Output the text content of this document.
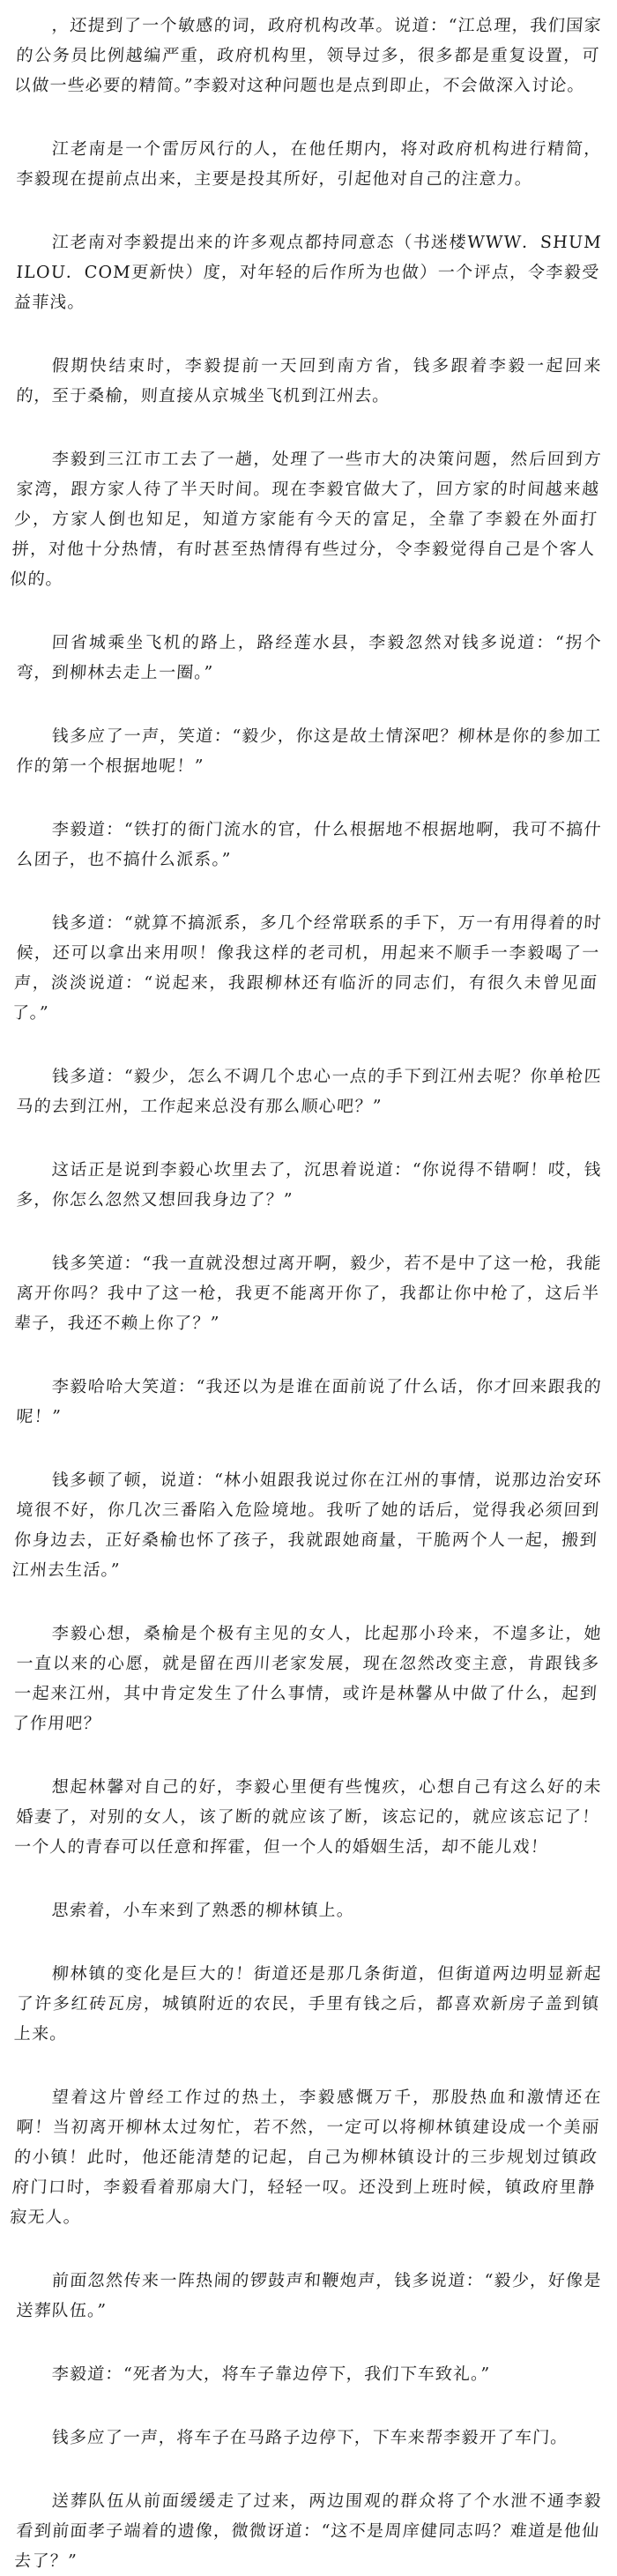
，还提到了一个敏感的词，政府机构改革。说道：“江总理，我们国家的公务员比例越编严重，政府机构里，领导过多，很多都是重复设置，可以做一些必要的精简。”李毅对这种问题也是点到即止，不会做深入讨论。

江老南是一个雷厉风行的人，在他任期内，将对政府机构进行精简，李毅现在提前点出来，主要是投其所好，引起他对自己的注意力。

江老南对李毅提出来的许多观点都持同意态（书迷楼WWW．SHUMILOU．COM更新快）度，对年轻的后作所为也做）一个评点，令李毅受益菲浅。

假期快结束时，李毅提前一天回到南方省，钱多跟着李毅一起回来的，至于桑榆，则直接从京城坐飞机到江州去。

李毅到三江市工去了一趟，处理了一些市大的决策问题，然后回到方家湾，跟方家人待了半天时间。现在李毅官做大了，回方家的时间越来越少，方家人倒也知足，知道方家能有今天的富足，全靠了李毅在外面打拼，对他十分热情，有时甚至热情得有些过分，令李毅觉得自己是个客人似的。

回省城乘坐飞机的路上，路经莲水县，李毅忽然对钱多说道：“拐个弯，到柳林去走上一圈。”

钱多应了一声，笑道：“毅少，你这是故土情深吧？柳林是你的参加工作的第一个根据地呢！”

李毅道：“铁打的衙门流水的官，什么根据地不根据地啊，我可不搞什么团子，也不搞什么派系。”

钱多道：“就算不搞派系，多几个经常联系的手下，万一有用得着的时候，还可以拿出来用呗！像我这样的老司机，用起来不顺手一李毅喝了一声，淡淡说道：“说起来，我跟柳林还有临沂的同志们，有很久未曾见面了。”

钱多道：“毅少，怎么不调几个忠心一点的手下到江州去呢？你单枪匹马的去到江州，工作起来总没有那么顺心吧？”

这话正是说到李毅心坎里去了，沉思着说道：“你说得不错啊！哎，钱多，你怎么忽然又想回我身边了？”

钱多笑道：“我一直就没想过离开啊，毅少，若不是中了这一枪，我能离开你吗？我中了这一枪，我更不能离开你了，我都让你中枪了，这后半辈子，我还不赖上你了？”

李毅哈哈大笑道：“我还以为是谁在面前说了什么话，你才回来跟我的呢！”

钱多顿了顿，说道：“林小姐跟我说过你在江州的事情，说那边治安环境很不好，你几次三番陷入危险境地。我听了她的话后，觉得我必须回到你身边去，正好桑榆也怀了孩子，我就跟她商量，干脆两个人一起，搬到江州去生活。”

李毅心想，桑榆是个极有主见的女人，比起那小玲来，不遑多让，她一直以来的心愿，就是留在西川老家发展，现在忽然改变主意，肯跟钱多一起来江州，其中肯定发生了什么事情，或许是林馨从中做了什么，起到了作用吧？

想起林馨对自己的好，李毅心里便有些愧疚，心想自己有这么好的未婚妻了，对别的女人，该了断的就应该了断，该忘记的，就应该忘记了！一个人的青春可以任意和挥霍，但一个人的婚姻生活，却不能儿戏！

思索着，小车来到了熟悉的柳林镇上。

柳林镇的变化是巨大的！街道还是那几条街道，但街道两边明显新起了许多红砖瓦房，城镇附近的农民，手里有钱之后，都喜欢新房子盖到镇上来。

望着这片曾经工作过的热土，李毅感慨万千，那股热血和激情还在啊！当初离开柳林太过匆忙，若不然，一定可以将柳林镇建设成一个美丽的小镇！此时，他还能清楚的记起，自己为柳林镇设计的三步规划过镇政府门口时，李毅看着那扇大门，轻轻一叹。还没到上班时候，镇政府里静寂无人。

前面忽然传来一阵热闹的锣鼓声和鞭炮声，钱多说道：“毅少，好像是送葬队伍。”

李毅道：“死者为大，将车子靠边停下，我们下车致礼。”

钱多应了一声，将车子在马路子边停下，下车来帮李毅开了车门。

送葬队伍从前面缓缓走了过来，两边围观的群众将了个水泄不通李毅看到前面孝子端着的遗像，微微讶道：“这不是周庠健同志吗？难道是他仙去了？”
